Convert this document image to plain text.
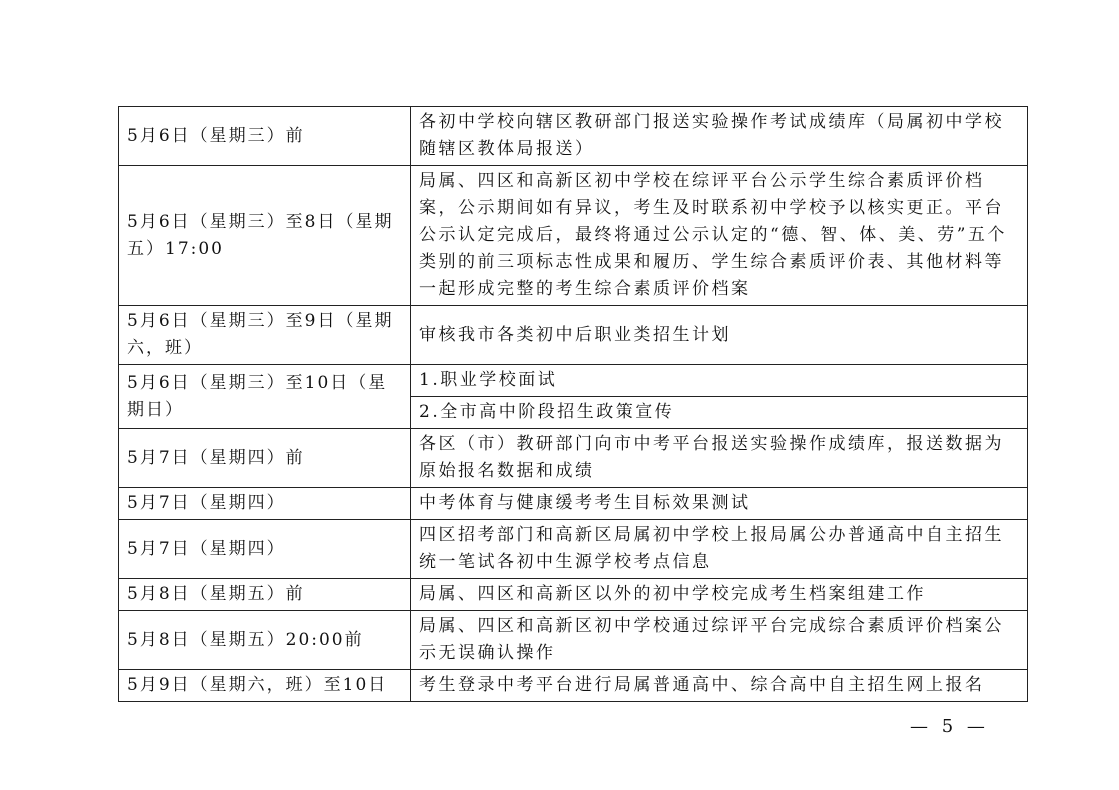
5月6日（星期三）前	各初中学校向辖区教研部门报送实验操作考试成绩库（局属初中学校随辖区教体局报送）
5月6日（星期三）至8日（星期五）17:00	局属、四区和高新区初中学校在综评平台公示学生综合素质评价档案，公示期间如有异议，考生及时联系初中学校予以核实更正。平台公示认定完成后，最终将通过公示认定的“德、智、体、美、劳”五个类别的前三项标志性成果和履历、学生综合素质评价表、其他材料等一起形成完整的考生综合素质评价档案
5月6日（星期三）至9日（星期六，班）	审核我市各类初中后职业类招生计划
5月6日（星期三）至10日（星期日）	1.职业学校面试
	2.全市高中阶段招生政策宣传
5月7日（星期四）前	各区（市）教研部门向市中考平台报送实验操作成绩库，报送数据为原始报名数据和成绩
5月7日（星期四）	中考体育与健康缓考考生目标效果测试
5月7日（星期四）	四区招考部门和高新区局属初中学校上报局属公办普通高中自主招生统一笔试各初中生源学校考点信息
5月8日（星期五）前	局属、四区和高新区以外的初中学校完成考生档案组建工作
5月8日（星期五）20:00前	局属、四区和高新区初中学校通过综评平台完成综合素质评价档案公示无误确认操作
5月9日（星期六，班）至10日	考生登录中考平台进行局属普通高中、综合高中自主招生网上报名
— 5 —
